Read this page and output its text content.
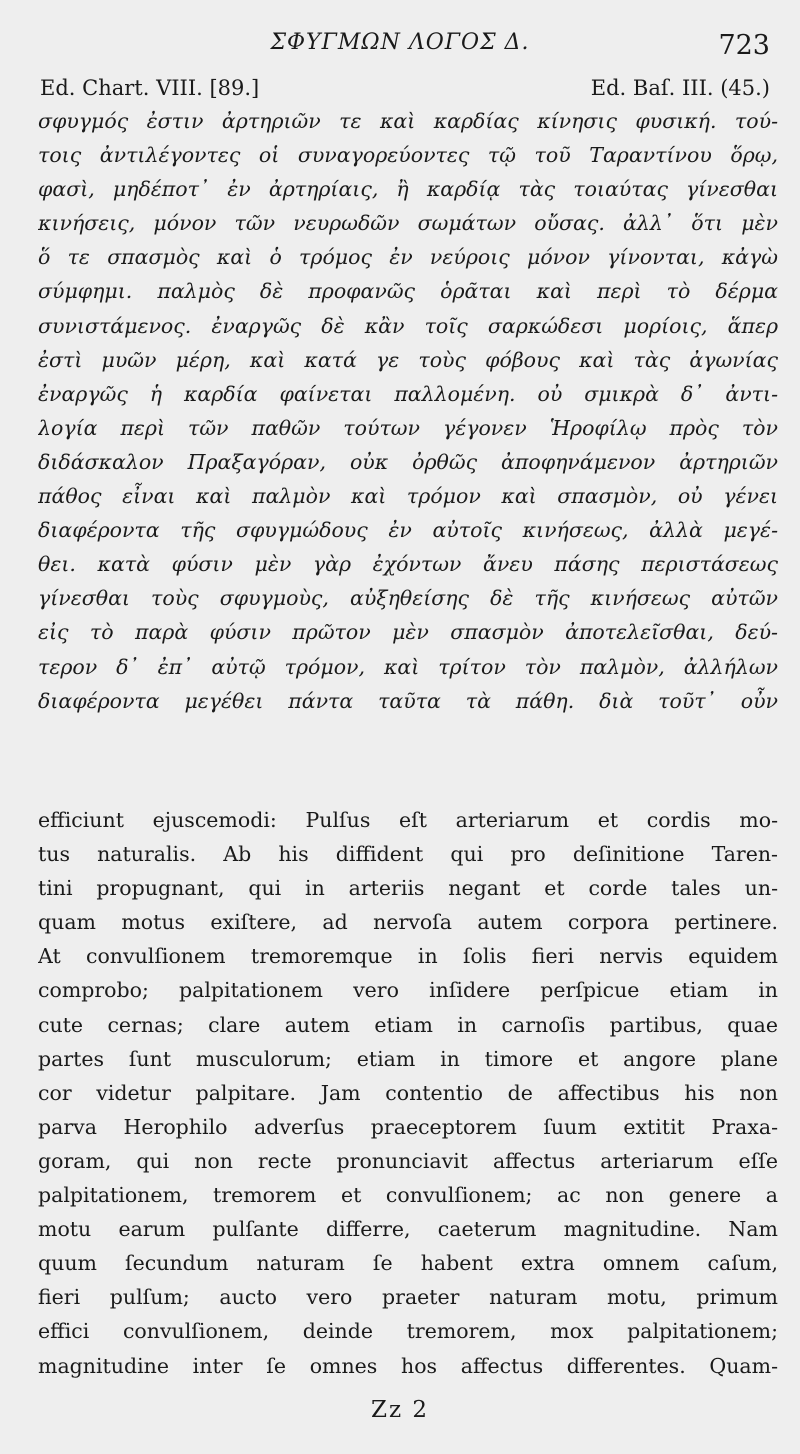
ΣΦΥΓΜΩΝ ΛΟΓΟΣ Δ.	723
Ed. Chart. VIII. [89.]	Ed. Baſ. III. (45.)
σφυγμός ἐστιν ἀρτηριῶν τε καὶ καρδίας κίνησις φυσική. τού-
τοις ἀντιλέγοντες οἱ συναγορεύοντες τῷ τοῦ Ταραντίνου ὅρῳ,
φασὶ, μηδέποτ᾽ ἐν ἀρτηρίαις, ἢ καρδίᾳ τὰς τοιαύτας γίνεσθαι
κινήσεις, μόνον τῶν νευρωδῶν σωμάτων οὔσας. ἀλλ᾽ ὅτι μὲν
ὅ τε σπασμὸς καὶ ὁ τρόμος ἐν νεύροις μόνον γίνονται, κἀγὼ
σύμφημι. παλμὸς δὲ προφανῶς ὁρᾶται καὶ περὶ τὸ δέρμα
συνιστάμενος. ἐναργῶς δὲ κἂν τοῖς σαρκώδεσι μορίοις, ἅπερ
ἐστὶ μυῶν μέρη, καὶ κατά γε τοὺς φόβους καὶ τὰς ἀγωνίας
ἐναργῶς ἡ καρδία φαίνεται παλλομένη. οὐ σμικρὰ δ᾽ ἀντι-
λογία περὶ τῶν παθῶν τούτων γέγονεν Ἡροφίλῳ πρὸς τὸν
διδάσκαλον Πραξαγόραν, οὐκ ὀρθῶς ἀποφηνάμενον ἀρτηριῶν
πάθος εἶναι καὶ παλμὸν καὶ τρόμον καὶ σπασμὸν, οὐ γένει
διαφέροντα τῆς σφυγμώδους ἐν αὐτοῖς κινήσεως, ἀλλὰ μεγέ-
θει. κατὰ φύσιν μὲν γὰρ ἐχόντων ἄνευ πάσης περιστάσεως
γίνεσθαι τοὺς σφυγμοὺς, αὐξηθείσης δὲ τῆς κινήσεως αὐτῶν
εἰς τὸ παρὰ φύσιν πρῶτον μὲν σπασμὸν ἀποτελεῖσθαι, δεύ-
τερον δ᾽ ἐπ᾽ αὐτῷ τρόμον, καὶ τρίτον τὸν παλμὸν, ἀλλήλων
διαφέροντα μεγέθει πάντα ταῦτα τὰ πάθη. διὰ τοῦτ᾽ οὖν
efficiunt ejuscemodi: Pulſus eſt arteriarum et cordis mo-
tus naturalis. Ab his diffident qui pro deſinitione Taren-
tini propugnant, qui in arteriis negant et corde tales un-
quam motus exiſtere, ad nervoſa autem corpora pertinere.
At convulſionem tremoremque in ſolis fieri nervis equidem
comprobo; palpitationem vero inſidere perſpicue etiam in
cute cernas; clare autem etiam in carnoſis partibus, quae
partes ſunt musculorum; etiam in timore et angore plane
cor videtur palpitare. Jam contentio de affectibus his non
parva Herophilo adverſus praeceptorem ſuum extitit Praxa-
goram, qui non recte pronunciavit affectus arteriarum eſſe
palpitationem, tremorem et convulſionem; ac non genere a
motu earum pulſante differre, caeterum magnitudine. Nam
quum ſecundum naturam ſe habent extra omnem caſum,
fieri pulſum; aucto vero praeter naturam motu, primum
effici convulſionem, deinde tremorem, mox palpitationem;
magnitudine inter ſe omnes hos affectus differentes. Quam-
Zz 2
